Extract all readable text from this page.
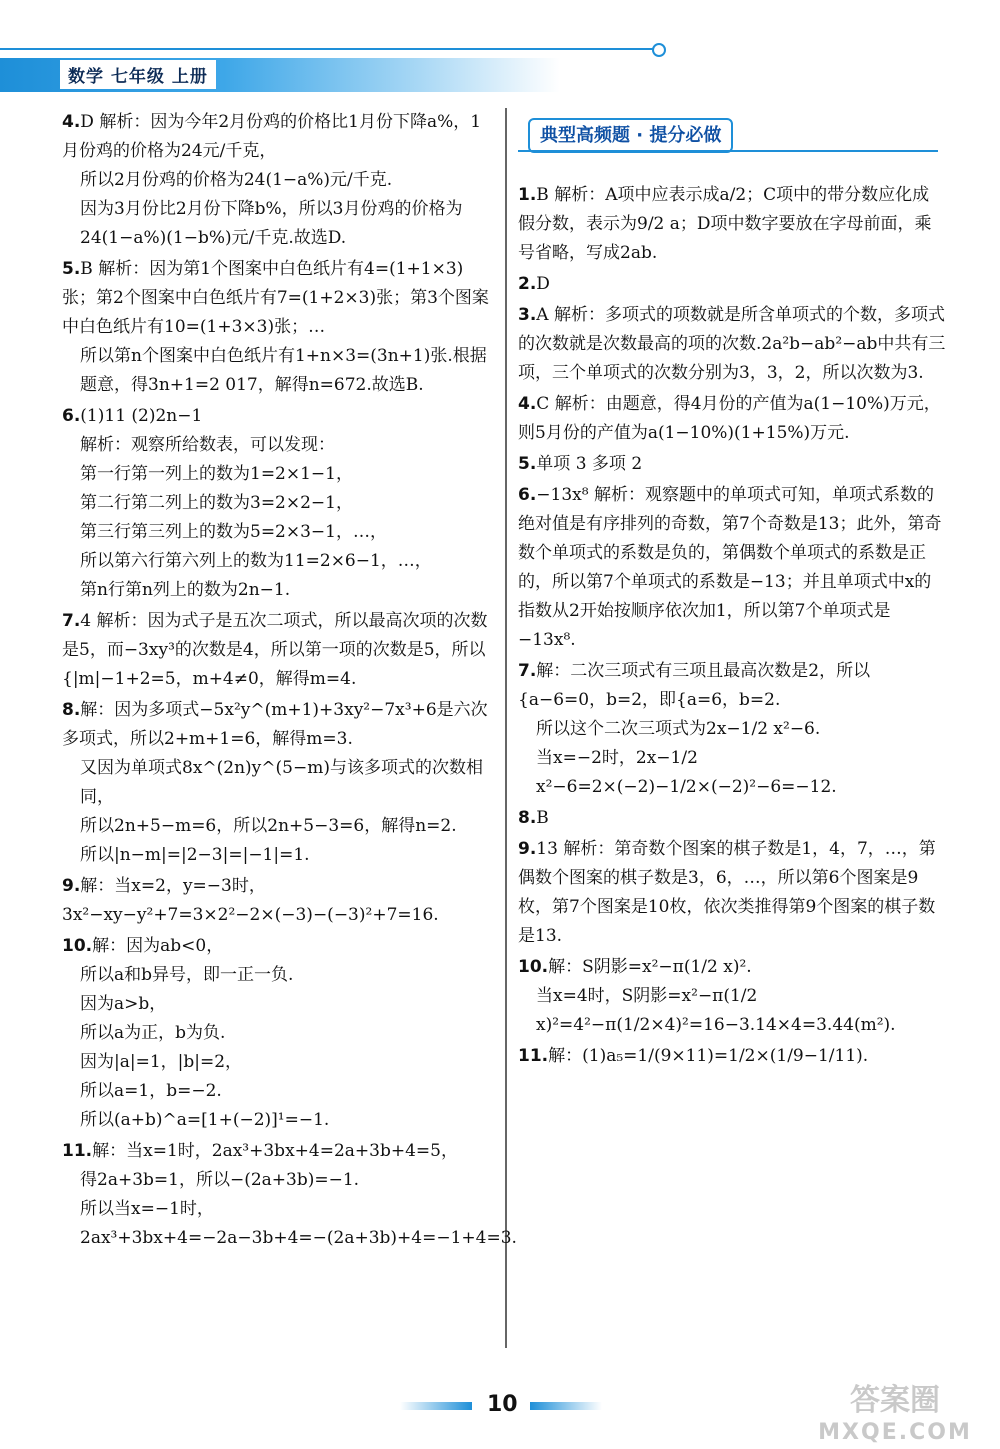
数学 七年级 上册
4.D 解析：因为今年2月份鸡的价格比1月份下降a%，1月份鸡的价格为24元/千克，
所以2月份鸡的价格为24(1−a%)元/千克.
因为3月份比2月份下降b%，所以3月份鸡的价格为24(1−a%)(1−b%)元/千克.故选D.
5.B 解析：因为第1个图案中白色纸片有4=(1+1×3)张；第2个图案中白色纸片有7=(1+2×3)张；第3个图案中白色纸片有10=(1+3×3)张；…
所以第n个图案中白色纸片有1+n×3=(3n+1)张.根据题意，得3n+1=2 017，解得n=672.故选B.
6.(1)11 (2)2n−1
解析：观察所给数表，可以发现：
第一行第一列上的数为1=2×1−1，
第二行第二列上的数为3=2×2−1，
第三行第三列上的数为5=2×3−1，…，
所以第六行第六列上的数为11=2×6−1，…，
第n行第n列上的数为2n−1.
7.4 解析：因为式子是五次二项式，所以最高次项的次数是5，而−3xy³的次数是4，所以第一项的次数是5，所以{|m|−1+2=5，m+4≠0，解得m=4.
8.解：因为多项式−5x²y^(m+1)+3xy²−7x³+6是六次多项式，所以2+m+1=6，解得m=3.
又因为单项式8x^(2n)y^(5−m)与该多项式的次数相同，
所以2n+5−m=6，所以2n+5−3=6，解得n=2.
所以|n−m|=|2−3|=|−1|=1.
9.解：当x=2，y=−3时，3x²−xy−y²+7=3×2²−2×(−3)−(−3)²+7=16.
10.解：因为ab<0，
所以a和b异号，即一正一负.
因为a>b，
所以a为正，b为负.
因为|a|=1，|b|=2，
所以a=1，b=−2.
所以(a+b)^a=[1+(−2)]¹=−1.
11.解：当x=1时，2ax³+3bx+4=2a+3b+4=5，
得2a+3b=1，所以−(2a+3b)=−1.
所以当x=−1时，2ax³+3bx+4=−2a−3b+4=−(2a+3b)+4=−1+4=3.
典型高频题 · 提分必做
1.B 解析：A项中应表示成a/2；C项中的带分数应化成假分数，表示为9/2 a；D项中数字要放在字母前面，乘号省略，写成2ab.
2.D
3.A 解析：多项式的项数就是所含单项式的个数，多项式的次数就是次数最高的项的次数.2a²b−ab²−ab中共有三项，三个单项式的次数分别为3，3，2，所以次数为3.
4.C 解析：由题意，得4月份的产值为a(1−10%)万元，则5月份的产值为a(1−10%)(1+15%)万元.
5.单项 3 多项 2
6.−13x⁸ 解析：观察题中的单项式可知，单项式系数的绝对值是有序排列的奇数，第7个奇数是13；此外，第奇数个单项式的系数是负的，第偶数个单项式的系数是正的，所以第7个单项式的系数是−13；并且单项式中x的指数从2开始按顺序依次加1，所以第7个单项式是−13x⁸.
7.解：二次三项式有三项且最高次数是2，所以{a−6=0，b=2，即{a=6，b=2.
所以这个二次三项式为2x−1/2 x²−6.
当x=−2时，2x−1/2 x²−6=2×(−2)−1/2×(−2)²−6=−12.
8.B
9.13 解析：第奇数个图案的棋子数是1，4，7，…，第偶数个图案的棋子数是3，6，…，所以第6个图案是9枚，第7个图案是10枚，依次类推得第9个图案的棋子数是13.
10.解：S阴影=x²−π(1/2 x)².
当x=4时，S阴影=x²−π(1/2 x)²=4²−π(1/2×4)²=16−3.14×4=3.44(m²).
11.解：(1)a₅=1/(9×11)=1/2×(1/9−1/11).
10	答案圈
MXQE.COM
